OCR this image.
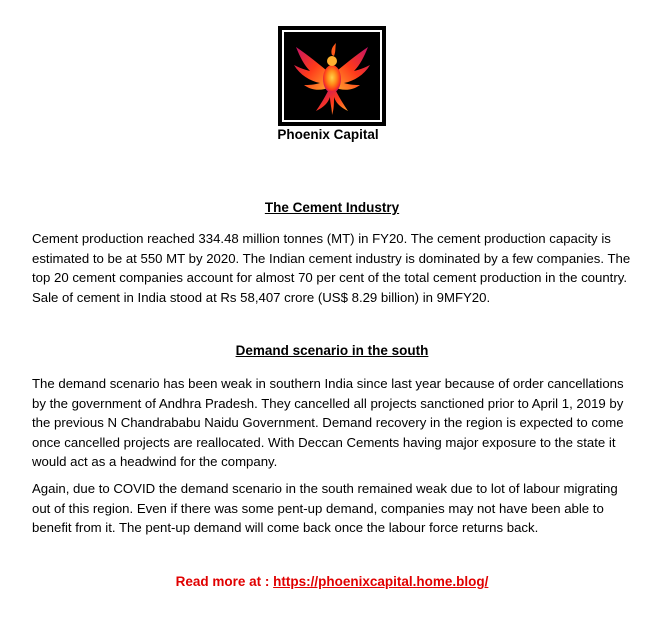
Phoenix Capital
The Cement Industry

Cement production reached 334.48 million tonnes (MT) in FY20. The cement production capacity is estimated to be at 550 MT by 2020. The Indian cement industry is dominated by a few companies. The top 20 cement companies account for almost 70 per cent of the total cement production in the country. Sale of cement in India stood at Rs 58,407 crore (US$ 8.29 billion) in 9MFY20.

Demand scenario in the south

The demand scenario has been weak in southern India since last year because of order cancellations by the government of Andhra Pradesh. They cancelled all projects sanctioned prior to April 1, 2019 by the previous N Chandrababu Naidu Government. Demand recovery in the region is expected to come once cancelled projects are reallocated. With Deccan Cements having major exposure to the state it would act as a headwind for the company.

Again, due to COVID the demand scenario in the south remained weak due to lot of labour migrating out of this region. Even if there was some pent-up demand, companies may not have been able to benefit from it. The pent-up demand will come back once the labour force returns back.

Read more at : https://phoenixcapital.home.blog/
